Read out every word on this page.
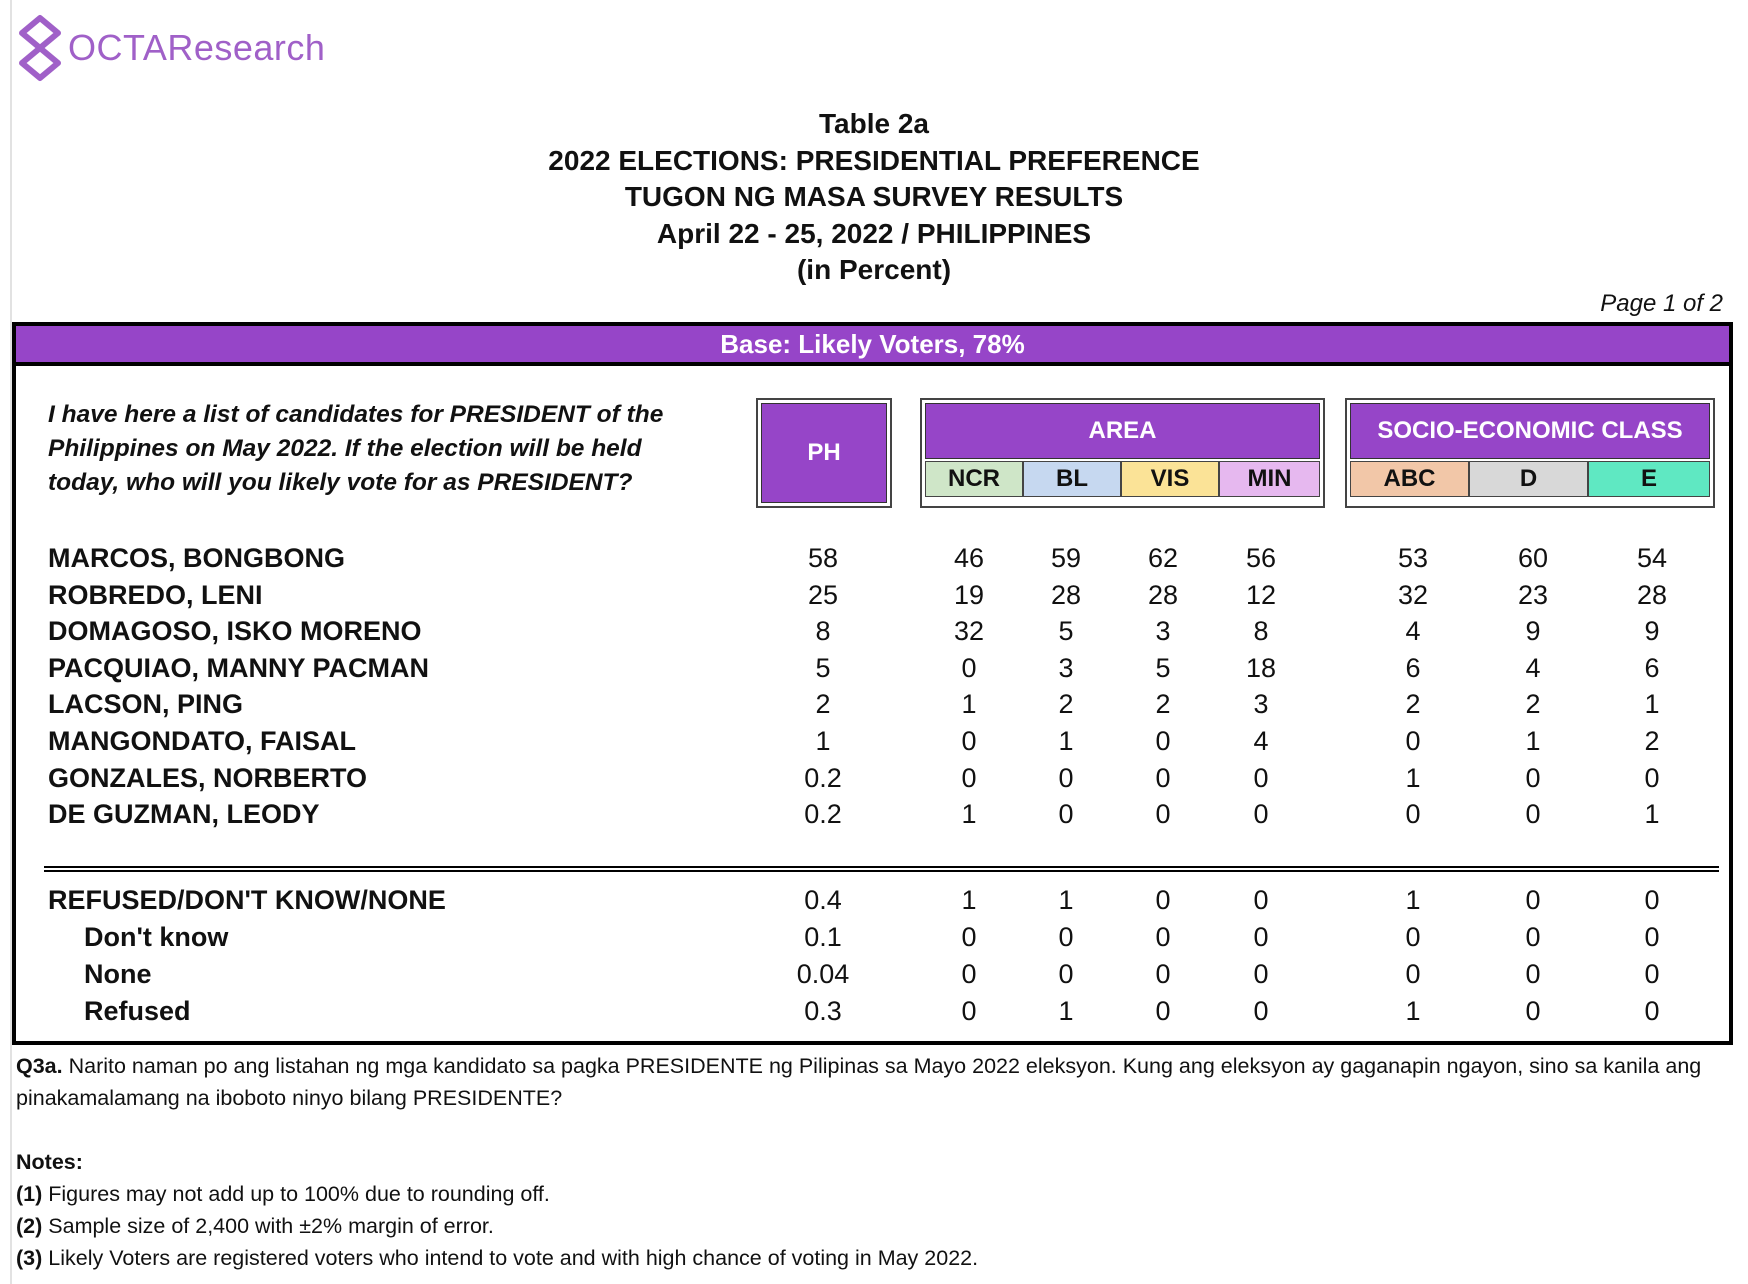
OCTAResearch
Table 2a
2022 ELECTIONS: PRESIDENTIAL PREFERENCE
TUGON NG MASA SURVEY RESULTS
April 22 - 25, 2022 / PHILIPPINES
(in Percent)
Page 1 of 2
Base: Likely Voters, 78%
I have here a list of candidates for PRESIDENT of the Philippines on May 2022. If the election will be held today, who will you likely vote for as PRESIDENT?
PH
AREA
NCR	BL	VIS	MIN
SOCIO-ECONOMIC CLASS
ABC	D	E
MARCOS, BONGBONG	58	46	59	62	56	53	60	54
ROBREDO, LENI	25	19	28	28	12	32	23	28
DOMAGOSO, ISKO MORENO	8	32	5	3	8	4	9	9
PACQUIAO, MANNY PACMAN	5	0	3	5	18	6	4	6
LACSON, PING	2	1	2	2	3	2	2	1
MANGONDATO, FAISAL	1	0	1	0	4	0	1	2
GONZALES, NORBERTO	0.2	0	0	0	0	1	0	0
DE GUZMAN, LEODY	0.2	1	0	0	0	0	0	1
REFUSED/DON'T KNOW/NONE	0.4	1	1	0	0	1	0	0
Don't know	0.1	0	0	0	0	0	0	0
None	0.04	0	0	0	0	0	0	0
Refused	0.3	0	1	0	0	1	0	0
Q3a. Narito naman po ang listahan ng mga kandidato sa pagka PRESIDENTE ng Pilipinas sa Mayo 2022 eleksyon. Kung ang eleksyon ay gaganapin ngayon, sino sa kanila ang pinakamalamang na iboboto ninyo bilang PRESIDENTE?
Notes:
(1) Figures may not add up to 100% due to rounding off.
(2) Sample size of 2,400 with ±2% margin of error.
(3) Likely Voters are registered voters who intend to vote and with high chance of voting in May 2022.
